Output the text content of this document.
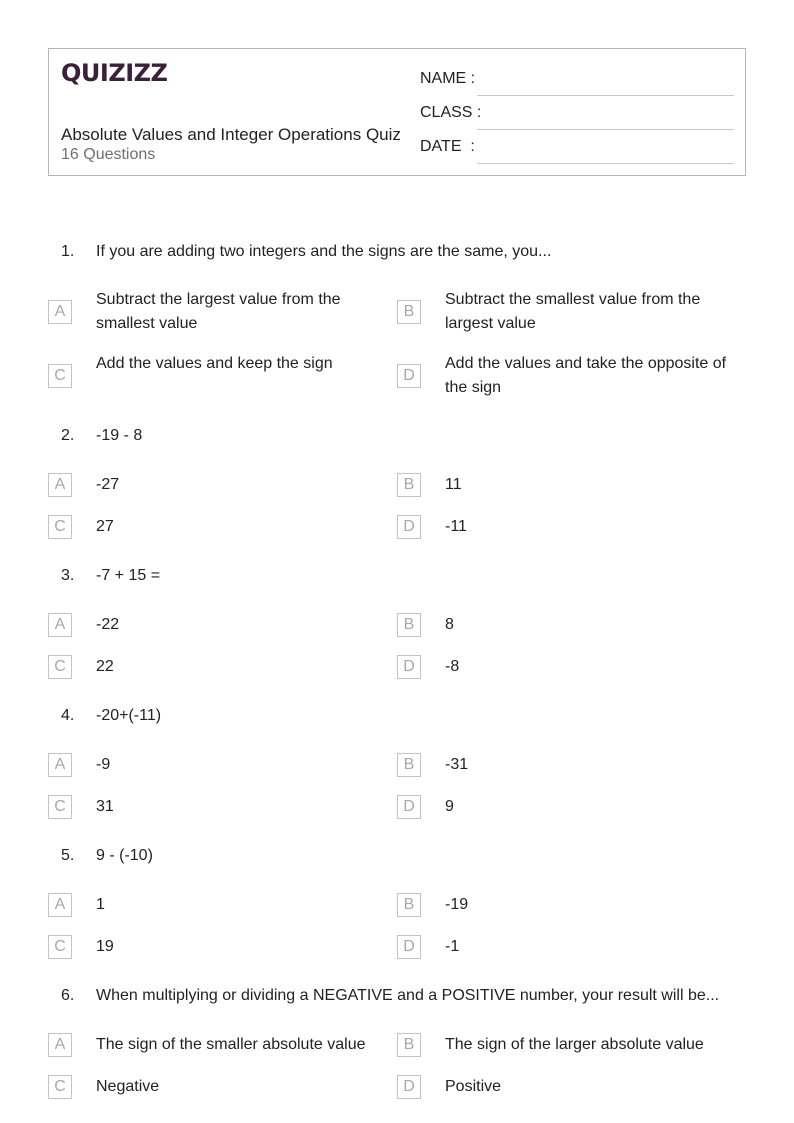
QUIZIZZ
Absolute Values and Integer Operations Quiz
16 Questions
NAME :
CLASS :
DATE  :
1. If you are adding two integers and the signs are the same, you...
A
Subtract the largest value from the smallest value
B
Subtract the smallest value from the largest value
C
Add the values and keep the sign
D
Add the values and take the opposite of the sign
2. -19 - 8
A	-27	B	11
C	27	D	-11
3. -7 + 15 =
A	-22	B	8
C	22	D	-8
4. -20+(-11)
A	-9	B	-31
C	31	D	9
5. 9 - (-10)
A	1	B	-19
C	19	D	-1
6. When multiplying or dividing a NEGATIVE and a POSITIVE number, your result will be...
A	The sign of the smaller absolute value	B	The sign of the larger absolute value
C	Negative	D	Positive
